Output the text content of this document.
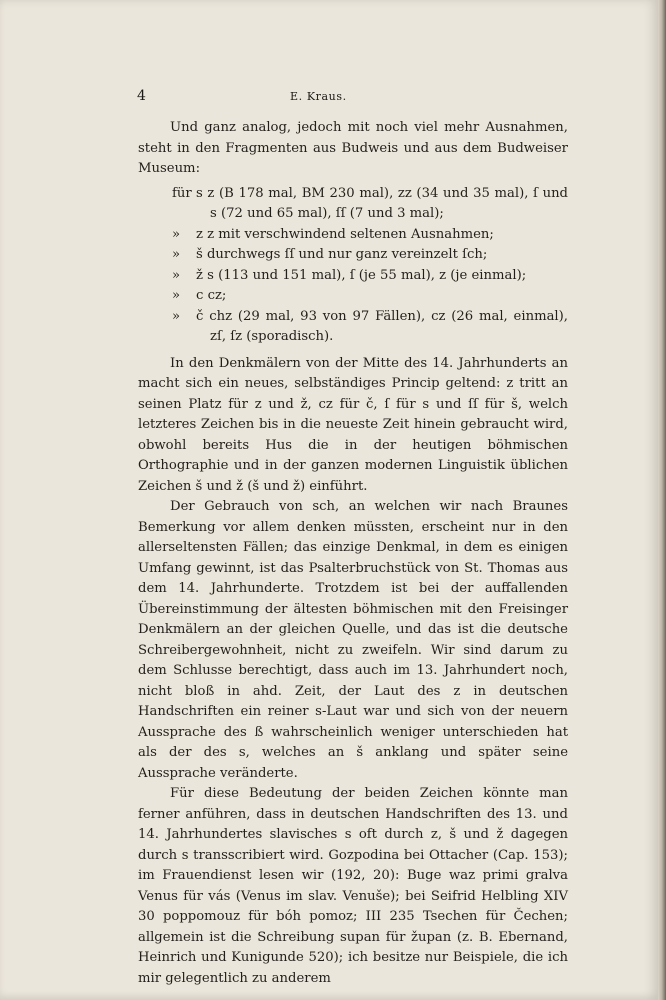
4	E. Kraus.

Und ganz analog, jedoch mit noch viel mehr Ausnahmen, steht in den Fragmenten aus Budweis und aus dem Budweiser Museum:

für s z (B 178 mal, BM 230 mal), zz (34 und 35 mal), ſ und s (72 und 65 mal), ſſ (7 und 3 mal);
» z z mit verschwindend seltenen Ausnahmen;
» š durchwegs ſſ und nur ganz vereinzelt ſch;
» ž s (113 und 151 mal), ſ (je 55 mal), z (je einmal);
» c cz;
» č chz (29 mal, 93 von 97 Fällen), cz (26 mal, einmal), zſ, ſz (sporadisch).

In den Denkmälern von der Mitte des 14. Jahrhunderts an macht sich ein neues, selbständiges Princip geltend: z tritt an seinen Platz für z und ž, cz für č, ſ für s und ſſ für š, welch letzteres Zeichen bis in die neueste Zeit hinein gebraucht wird, obwohl bereits Hus die in der heutigen böhmischen Orthographie und in der ganzen modernen Linguistik üblichen Zeichen š und ž (š und ž) einführt.

Der Gebrauch von sch, an welchen wir nach Braunes Bemerkung vor allem denken müssten, erscheint nur in den allerseltensten Fällen; das einzige Denkmal, in dem es einigen Umfang gewinnt, ist das Psalterbruchstück von St. Thomas aus dem 14. Jahrhunderte. Trotzdem ist bei der auffallenden Übereinstimmung der ältesten böhmischen mit den Freisinger Denkmälern an der gleichen Quelle, und das ist die deutsche Schreibergewohnheit, nicht zu zweifeln. Wir sind darum zu dem Schlusse berechtigt, dass auch im 13. Jahrhundert noch, nicht bloß in ahd. Zeit, der Laut des z in deutschen Handschriften ein reiner s-Laut war und sich von der neuern Aussprache des ß wahrscheinlich weniger unterschieden hat als der des s, welches an š anklang und später seine Aussprache veränderte.

Für diese Bedeutung der beiden Zeichen könnte man ferner anführen, dass in deutschen Handschriften des 13. und 14. Jahrhundertes slavisches s oft durch z, š und ž dagegen durch s transscribiert wird. Gozpodina bei Ottacher (Cap. 153); im Frauendienst lesen wir (192, 20): Buge waz primi gralva Venus für vás (Venus im slav. Venuše); bei Seifrid Helbling XIV 30 poppomouz für bóh pomoz; III 235 Tsechen für Čechen; allgemein ist die Schreibung supan für župan (z. B. Ebernand, Heinrich und Kunigunde 520); ich besitze nur Beispiele, die ich mir gelegentlich zu anderem
